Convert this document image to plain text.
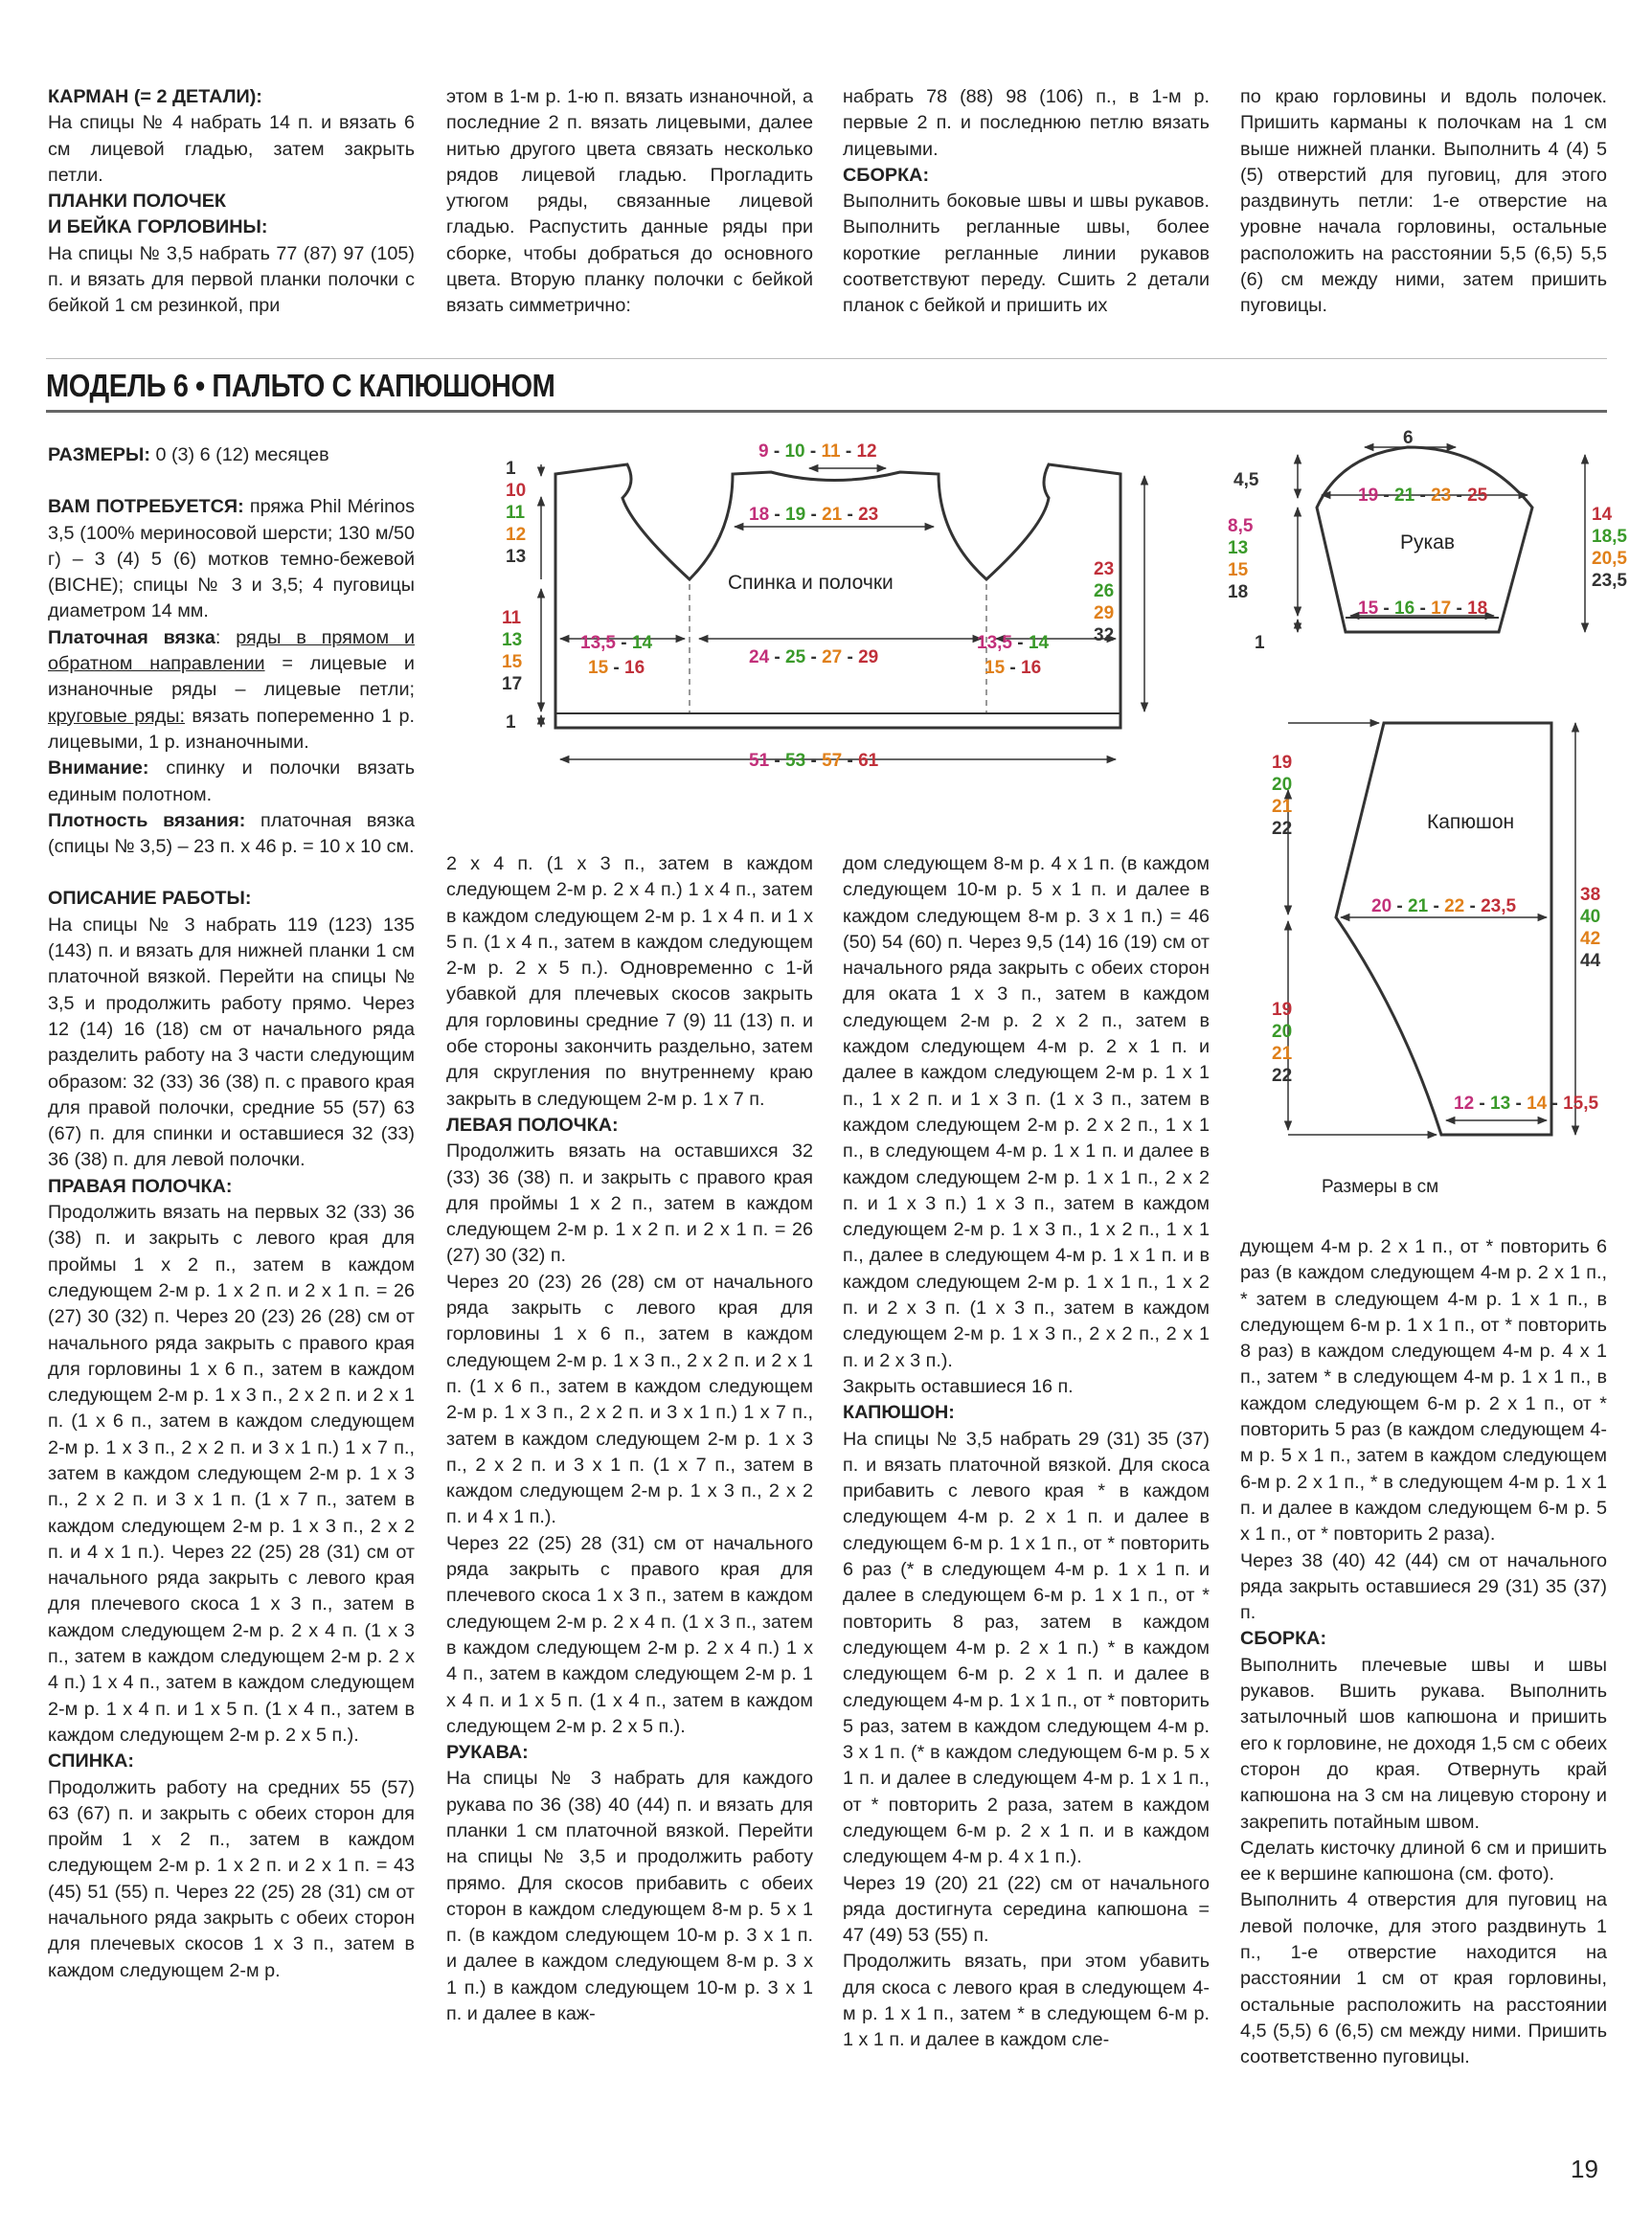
КАРМАН (= 2 ДЕТАЛИ):

На спицы № 4 набрать 14 п. и вязать 6 см лицевой гладью, затем закрыть петли.

ПЛАНКИ ПОЛОЧЕК

И БЕЙКА ГОРЛОВИНЫ:

На спицы № 3,5 набрать 77 (87) 97 (105) п. и вязать для первой планки полочки с бейкой 1 см резинкой, при

этом в 1-м р. 1-ю п. вязать изнаночной, а последние 2 п. вязать лицевыми, далее нитью другого цвета связать несколько рядов лицевой гладью. Прогладить утюгом ряды, связанные лицевой гладью. Распустить данные ряды при сборке, чтобы добраться до основного цвета. Вторую планку полочки с бейкой вязать симметрично:

набрать 78 (88) 98 (106) п., в 1-м р. первые 2 п. и последнюю петлю вязать лицевыми.

СБОРКА:

Выполнить боковые швы и швы рукавов. Выполнить регланные швы, более короткие регланные линии рукавов соответствуют переду. Сшить 2 детали планок с бейкой и пришить их

по краю горловины и вдоль полочек. Пришить карманы к полочкам на 1 см выше нижней планки. Выполнить 4 (4) 5 (5) отверстий для пуговиц, для этого раздвинуть петли: 1-е отверстие на уровне начала горловины, остальные расположить на расстоянии 5,5 (6,5) 5,5 (6) см между ними, затем пришить пуговицы.

МОДЕЛЬ 6 • ПАЛЬТО С КАПЮШОНОМ

РАЗМЕРЫ: 0 (3) 6 (12) месяцев

ВАМ ПОТРЕБУЕТСЯ: пряжа Phil Mérinos 3,5 (100% мериносовой шерсти; 130 м/50 г) – 3 (4) 5 (6) мотков темно-бежевой (BICHE); спицы № 3 и 3,5; 4 пуговицы диаметром 14 мм.

Платочная вязка: ряды в прямом и обратном направлении = лицевые и изнаночные ряды – лицевые петли; круговые ряды: вязать попеременно 1 р. лицевыми, 1 р. изнаночными.

Внимание: спинку и полочки вязать единым полотном.

Плотность вязания: платочная вязка (спицы № 3,5) – 23 п. х 46 р. = 10 х 10 см.

ОПИСАНИЕ РАБОТЫ:

На спицы № 3 набрать 119 (123) 135 (143) п. и вязать для нижней планки 1 см платочной вязкой. Перейти на спицы № 3,5 и продолжить работу прямо. Через 12 (14) 16 (18) см от начального ряда разделить работу на 3 части следующим образом: 32 (33) 36 (38) п. с правого края для правой полочки, средние 55 (57) 63 (67) п. для спинки и оставшиеся 32 (33) 36 (38) п. для левой полочки.

ПРАВАЯ ПОЛОЧКА:

Продолжить вязать на первых 32 (33) 36 (38) п. и закрыть с левого края для проймы 1 х 2 п., затем в каждом следующем 2-м р. 1 х 2 п. и 2 х 1 п. = 26 (27) 30 (32) п. Через 20 (23) 26 (28) см от начального ряда закрыть с правого края для горловины 1 х 6 п., затем в каждом следующем 2-м р. 1 х 3 п., 2 х 2 п. и 2 х 1 п. (1 х 6 п., затем в каждом следующем 2-м р. 1 х 3 п., 2 х 2 п. и 3 х 1 п.) 1 х 7 п., затем в каждом следующем 2-м р. 1 х 3 п., 2 х 2 п. и 3 х 1 п. (1 х 7 п., затем в каждом следующем 2-м р. 1 х 3 п., 2 х 2 п. и 4 х 1 п.). Через 22 (25) 28 (31) см от начального ряда закрыть с левого края для плечевого скоса 1 х 3 п., затем в каждом следующем 2-м р. 2 х 4 п. (1 х 3 п., затем в каждом следующем 2-м р. 2 х 4 п.) 1 х 4 п., затем в каждом следующем 2-м р. 1 х 4 п. и 1 х 5 п. (1 х 4 п., затем в каждом следующем 2-м р. 2 х 5 п.).

СПИНКА:

Продолжить работу на средних 55 (57) 63 (67) п. и закрыть с обеих сторон для пройм 1 х 2 п., затем в каждом следующем 2-м р. 1 х 2 п. и 2 х 1 п. = 43 (45) 51 (55) п. Через 22 (25) 28 (31) см от начального ряда закрыть с обеих сторон для плечевых скосов 1 х 3 п., затем в каждом следующем 2-м р.

2 х 4 п. (1 х 3 п., затем в каждом следующем 2-м р. 2 х 4 п.) 1 х 4 п., затем в каждом следующем 2-м р. 1 х 4 п. и 1 х 5 п. (1 х 4 п., затем в каждом следующем 2-м р. 2 х 5 п.). Одновременно с 1-й убавкой для плечевых скосов закрыть для горловины средние 7 (9) 11 (13) п. и обе стороны закончить раздельно, затем для скругления по внутреннему краю закрыть в следующем 2-м р. 1 х 7 п.

ЛЕВАЯ ПОЛОЧКА:

Продолжить вязать на оставшихся 32 (33) 36 (38) п. и закрыть с правого края для проймы 1 х 2 п., затем в каждом следующем 2-м р. 1 х 2 п. и 2 х 1 п. = 26 (27) 30 (32) п.

Через 20 (23) 26 (28) см от начального ряда закрыть с левого края для горловины 1 х 6 п., затем в каждом следующем 2-м р. 1 х 3 п., 2 х 2 п. и 2 х 1 п. (1 х 6 п., затем в каждом следующем 2-м р. 1 х 3 п., 2 х 2 п. и 3 х 1 п.) 1 х 7 п., затем в каждом следующем 2-м р. 1 х 3 п., 2 х 2 п. и 3 х 1 п. (1 х 7 п., затем в каждом следующем 2-м р. 1 х 3 п., 2 х 2 п. и 4 х 1 п.).

Через 22 (25) 28 (31) см от начального ряда закрыть с правого края для плечевого скоса 1 х 3 п., затем в каждом следующем 2-м р. 2 х 4 п. (1 х 3 п., затем в каждом следующем 2-м р. 2 х 4 п.) 1 х 4 п., затем в каждом следующем 2-м р. 1 х 4 п. и 1 х 5 п. (1 х 4 п., затем в каждом следующем 2-м р. 2 х 5 п.).

РУКАВА:

На спицы № 3 набрать для каждого рукава по 36 (38) 40 (44) п. и вязать для планки 1 см платочной вязкой. Перейти на спицы № 3,5 и продолжить работу прямо. Для скосов прибавить с обеих сторон в каждом следующем 8-м р. 5 х 1 п. (в каждом следующем 10-м р. 3 х 1 п. и далее в каждом следующем 8-м р. 3 х 1 п.) в каждом следующем 10-м р. 3 х 1 п. и далее в каж-

дом следующем 8-м р. 4 х 1 п. (в каждом следующем 10-м р. 5 х 1 п. и далее в каждом следующем 8-м р. 3 х 1 п.) = 46 (50) 54 (60) п. Через 9,5 (14) 16 (19) см от начального ряда закрыть с обеих сторон для оката 1 х 3 п., затем в каждом следующем 2-м р. 2 х 2 п., затем в каждом следующем 4-м р. 2 х 1 п. и далее в каждом следующем 2-м р. 1 х 1 п., 1 х 2 п. и 1 х 3 п. (1 х 3 п., затем в каждом следующем 2-м р. 2 х 2 п., 1 х 1 п., в следующем 4-м р. 1 х 1 п. и далее в каждом следующем 2-м р. 1 х 1 п., 2 х 2 п. и 1 х 3 п.) 1 х 3 п., затем в каждом следующем 2-м р. 1 х 3 п., 1 х 2 п., 1 х 1 п., далее в следующем 4-м р. 1 х 1 п. и в каждом следующем 2-м р. 1 х 1 п., 1 х 2 п. и 2 х 3 п. (1 х 3 п., затем в каждом следующем 2-м р. 1 х 3 п., 2 х 2 п., 2 х 1 п. и 2 х 3 п.).

Закрыть оставшиеся 16 п.

КАПЮШОН:

На спицы № 3,5 набрать 29 (31) 35 (37) п. и вязать платочной вязкой. Для скоса прибавить с левого края * в каждом следующем 4-м р. 2 х 1 п. и далее в следующем 6-м р. 1 х 1 п., от * повторить 6 раз (* в следующем 4-м р. 1 х 1 п. и далее в следующем 6-м р. 1 х 1 п., от * повторить 8 раз, затем в каждом следующем 4-м р. 2 х 1 п.) * в каждом следующем 6-м р. 2 х 1 п. и далее в следующем 4-м р. 1 х 1 п., от * повторить 5 раз, затем в каждом следующем 4-м р. 3 х 1 п. (* в каждом следующем 6-м р. 5 х 1 п. и далее в следующем 4-м р. 1 х 1 п., от * повторить 2 раза, затем в каждом следующем 6-м р. 2 х 1 п. и в каждом следующем 4-м р. 4 х 1 п.).

Через 19 (20) 21 (22) см от начального ряда достигнута середина капюшона = 47 (49) 53 (55) п.

Продолжить вязать, при этом убавить для скоса с левого края в следующем 4-м р. 1 х 1 п., затем * в следующем 6-м р. 1 х 1 п. и далее в каждом сле-

дующем 4-м р. 2 х 1 п., от * повторить 6 раз (в каждом следующем 4-м р. 2 х 1 п., * затем в следующем 4-м р. 1 х 1 п., в следующем 6-м р. 1 х 1 п., от * повторить 8 раз) в каждом следующем 4-м р. 4 х 1 п., затем * в следующем 4-м р. 1 х 1 п., в каждом следующем 6-м р. 2 х 1 п., от * повторить 5 раз (в каждом следующем 4-м р. 5 х 1 п., затем в каждом следующем 6-м р. 2 х 1 п., * в следующем 4-м р. 1 х 1 п. и далее в каждом следующем 6-м р. 5 х 1 п., от * повторить 2 раза).

Через 38 (40) 42 (44) см от начального ряда закрыть оставшиеся 29 (31) 35 (37) п.

СБОРКА:

Выполнить плечевые швы и швы рукавов. Вшить рукава. Выполнить затылочный шов капюшона и пришить его к горловине, не доходя 1,5 см с обеих сторон до края. Отвернуть край капюшона на 3 см на лицевую сторону и закрепить потайным швом.

Сделать кисточку длиной 6 см и пришить ее к вершине капюшона (см. фото).

Выполнить 4 отверстия для пуговиц на левой полочке, для этого раздвинуть 1 п., 1-е отверстие находится на расстоянии 1 см от края горловины, остальные расположить на расстоянии 4,5 (5,5) 6 (6,5) см между ними. Пришить соответственно пуговицы.

Спинка и полочки
9 - 10 - 11 - 12
18 - 19 - 21 - 23
1
10
11
12
13
11
13
15
17
1
23
26
29
32
13,5 - 14
15 - 16
24 - 25 - 27 - 29
13,5 - 14
15 - 16
51 - 53 - 57 - 61
Рукав
6
4,5
19 - 21 - 23 - 25
8,5
13
15
18
1
14
18,5
20,5
23,5
15 - 16 - 17 - 18
Капюшон
19
20
21
22
20 - 21 - 22 - 23,5
38
40
42
44
19
20
21
22
12 - 13 - 14 - 15,5
Размеры в см
19
